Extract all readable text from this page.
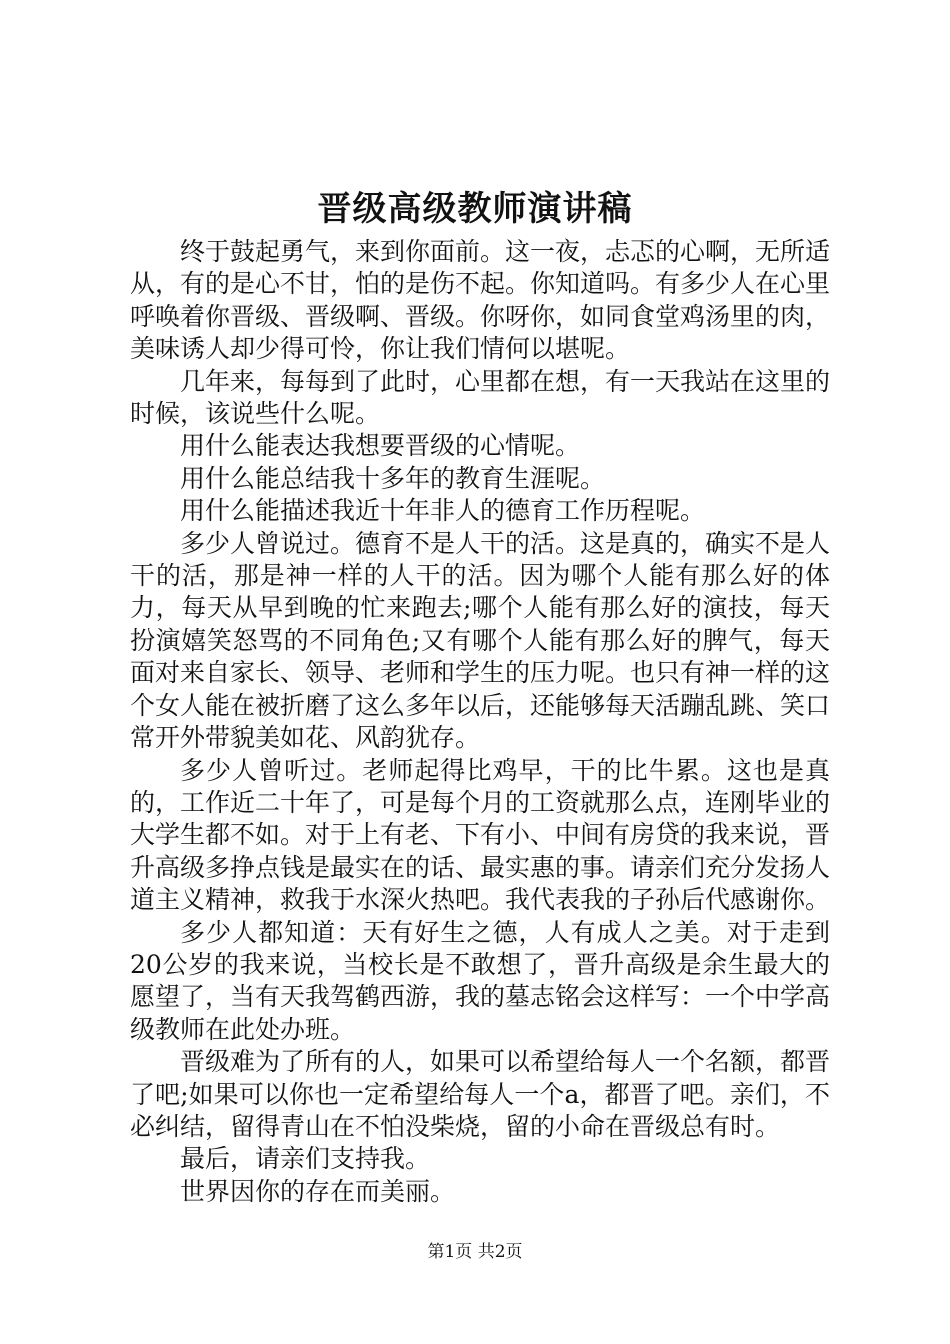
晋级高级教师演讲稿

终于鼓起勇气，来到你面前。这一夜，忐忑的心啊，无所适从，有的是心不甘，怕的是伤不起。你知道吗。有多少人在心里呼唤着你晋级、晋级啊、晋级。你呀你，如同食堂鸡汤里的肉，美味诱人却少得可怜，你让我们情何以堪呢。

几年来，每每到了此时，心里都在想，有一天我站在这里的时候，该说些什么呢。

用什么能表达我想要晋级的心情呢。

用什么能总结我十多年的教育生涯呢。

用什么能描述我近十年非人的德育工作历程呢。

多少人曾说过。德育不是人干的活。这是真的，确实不是人干的活，那是神一样的人干的活。因为哪个人能有那么好的体力，每天从早到晚的忙来跑去;哪个人能有那么好的演技，每天扮演嬉笑怒骂的不同角色;又有哪个人能有那么好的脾气，每天面对来自家长、领导、老师和学生的压力呢。也只有神一样的这个女人能在被折磨了这么多年以后，还能够每天活蹦乱跳、笑口常开外带貌美如花、风韵犹存。

多少人曾听过。老师起得比鸡早，干的比牛累。这也是真的，工作近二十年了，可是每个月的工资就那么点，连刚毕业的大学生都不如。对于上有老、下有小、中间有房贷的我来说，晋升高级多挣点钱是最实在的话、最实惠的事。请亲们充分发扬人道主义精神，救我于水深火热吧。我代表我的子孙后代感谢你。

多少人都知道：天有好生之德，人有成人之美。对于走到20公岁的我来说，当校长是不敢想了，晋升高级是余生最大的愿望了，当有天我驾鹤西游，我的墓志铭会这样写：一个中学高级教师在此处办班。

晋级难为了所有的人，如果可以希望给每人一个名额，都晋了吧;如果可以你也一定希望给每人一个a，都晋了吧。亲们，不必纠结，留得青山在不怕没柴烧，留的小命在晋级总有时。

最后，请亲们支持我。

世界因你的存在而美丽。

第1页 共2页
